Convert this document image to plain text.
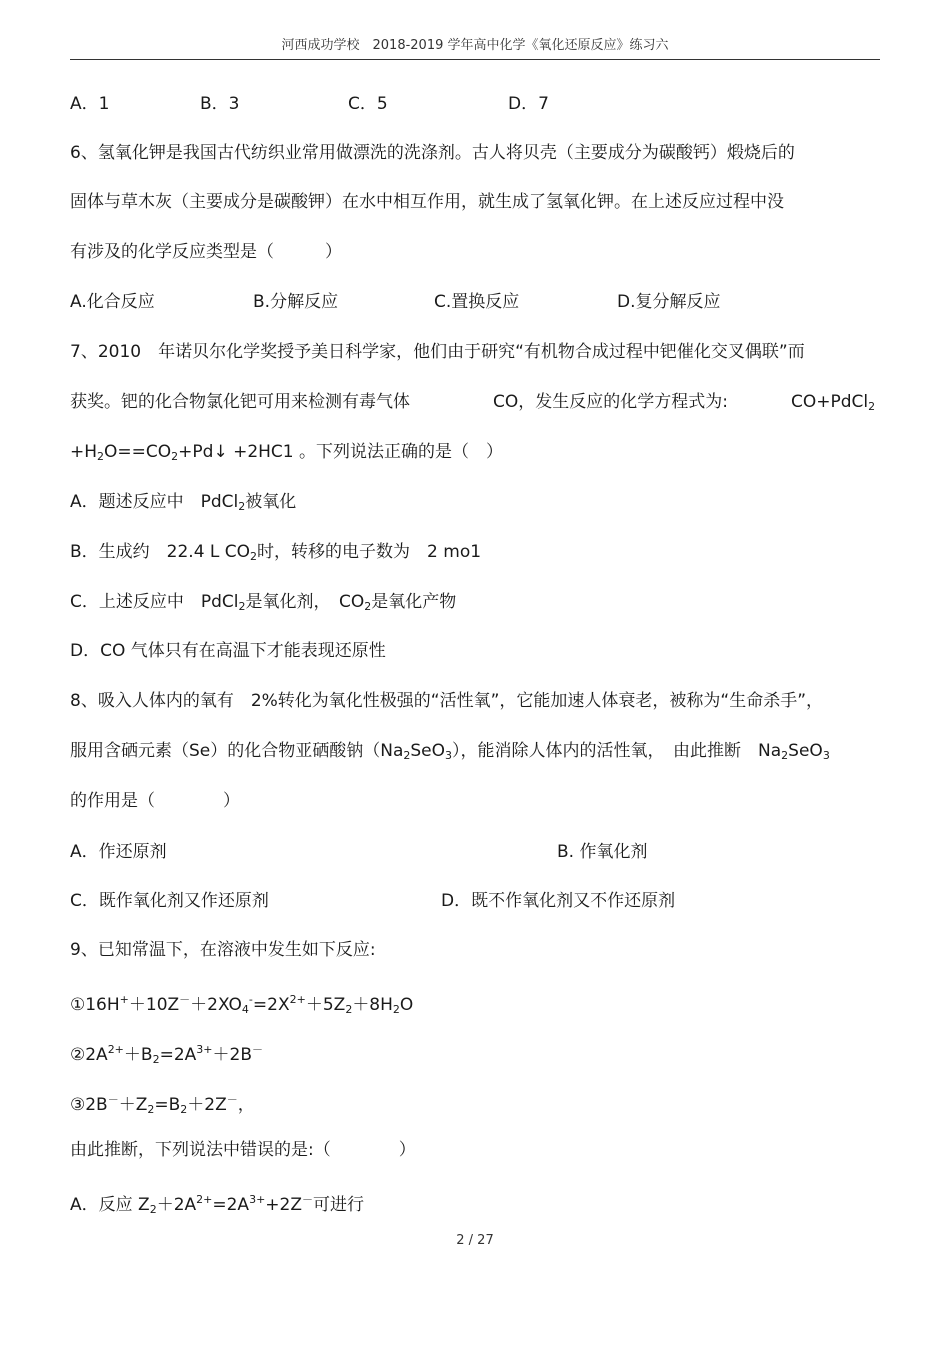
河西成功学校　2018-2019 学年高中化学《氧化还原反应》练习六
A．1	B．3	C．5	D．7
6、氢氧化钾是我国古代纺织业常用做漂洗的洗涤剂。古人将贝壳（主要成分为碳酸钙）煅烧后的
固体与草木灰（主要成分是碳酸钾）在水中相互作用，就生成了氢氧化钾。在上述反应过程中没
有涉及的化学反应类型是（　　　）
A.化合反应	B.分解反应	C.置换反应	D.复分解反应
7、2010　年诺贝尔化学奖授予美日科学家，他们由于研究“有机物合成过程中钯催化交叉偶联”而
获奖。钯的化合物氯化钯可用来检测有毒气体	CO，发生反应的化学方程式为:	CO+PdCl$_2$
$+H_2O==CO_2+Pd↓ +2HC1$ 。下列说法正确的是（　）
A．题述反应中　PdCl$_2$被氧化
B．生成约　22.4 L $CO_2$时，转移的电子数为　2 mo1
C．上述反应中　PdCl$_2$是氧化剂，　$CO_2$是氧化产物
D．CO 气体只有在高温下才能表现还原性
8、吸入人体内的氧有　2%转化为氧化性极强的“活性氧”，它能加速人体衰老，被称为“生命杀手”，
服用含硒元素（Se）的化合物亚硒酸钠$(Na_2SeO_3)$，能消除人体内的活性氧，　由此推断　$Na_2SeO_3$
的作用是（　　　　）
A．作还原剂	B. 作氧化剂
C．既作氧化剂又作还原剂	D．既不作氧化剂又不作还原剂
9、已知常温下，在溶液中发生如下反应:
$①16H^++10Z^-+2XO_4^-=2X^{2+}+5Z_2+8H_2O$
$②2A^{2+}+B_2=2A^{3+}+2B^-$
$③2B^-+Z_2=B_2+2Z^-$，
由此推断，下列说法中错误的是:（　　　　）
A．反应 $Z_2+2A^{2+}=2A^{3+}+2Z^-$可进行
2 / 27
